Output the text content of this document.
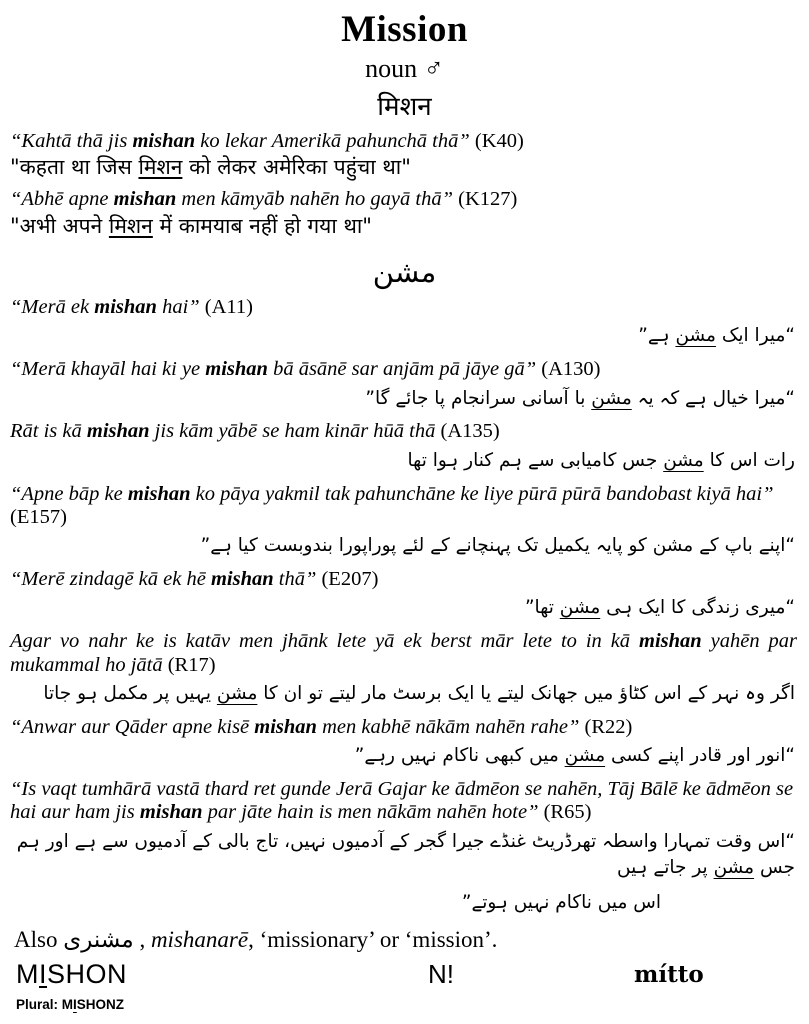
Mission
noun ♂
मिशन
“Kahtā thā jis mishan ko lekar Amerikā pahunchā thā” (K40)
"कहता था जिस मिशन को लेकर अमेरिका पहुंचा था"
“Abhē apne mishan men kāmyāb nahēn ho gayā thā” (K127)
"अभी अपने मिशन में कामयाब नहीं हो गया था"
مشن
“Merā ek mishan hai” (A11)
“میرا ایک مشن ہے”
“Merā khayāl hai ki ye mishan bā āsānē sar anjām pā jāye gā” (A130)
“میرا خیال ہے کہ یہ مشن با آسانی سرانجام پا جائے گا”
Rāt is kā mishan jis kām yābē se ham kinār hūā thā (A135)
رات اس کا مشن جس کامیابی سے ہم کنار ہوا تھا
“Apne bāp ke mishan ko pāya yakmil tak pahunchāne ke liye pūrā pūrā bandobast kiyā hai” (E157)
“اپنے باپ کے مشن کو پایہ یکمیل تک پہنچانے کے لئے پوراپورا بندوبست کیا ہے”
“Merē zindagē kā ek hē mishan thā” (E207)
“میری زندگی کا ایک ہی مشن تھا”
Agar vo nahr ke is katāv men jhānk lete yā ek berst mār lete to in kā mishan yahēn par mukammal ho jātā (R17)
اگر وہ نہر کے اس کٹاؤ میں جھانک لیتے یا ایک برسٹ مار لیتے تو ان کا مشن یہیں پر مکمل ہو جاتا
“Anwar aur Qāder apne kisē mishan men kabhē nākām nahēn rahe” (R22)
“انور اور قادر اپنے کسی مشن میں کبھی ناکام نہیں رہے”
“Is vaqt tumhārā vastā thard ret gunde Jerā Gajar ke ādmēon se nahēn, Tāj Bālē ke ādmēon se hai aur ham jis mishan par jāte hain is men nākām nahēn hote” (R65)
“اس وقت تمہارا واسطہ تھرڈریٹ غنڈے جیرا گجر کے آدمیوں نہیں، تاج بالی کے آدمیوں سے ہے اور ہم جس مشن پر جاتے ہیں
اس میں ناکام نہیں ہوتے”
Also مشنری , mishanarē, ‘missionary’ or ‘mission’.
MISHON	N!	mítto
Plural: MISHONZ
